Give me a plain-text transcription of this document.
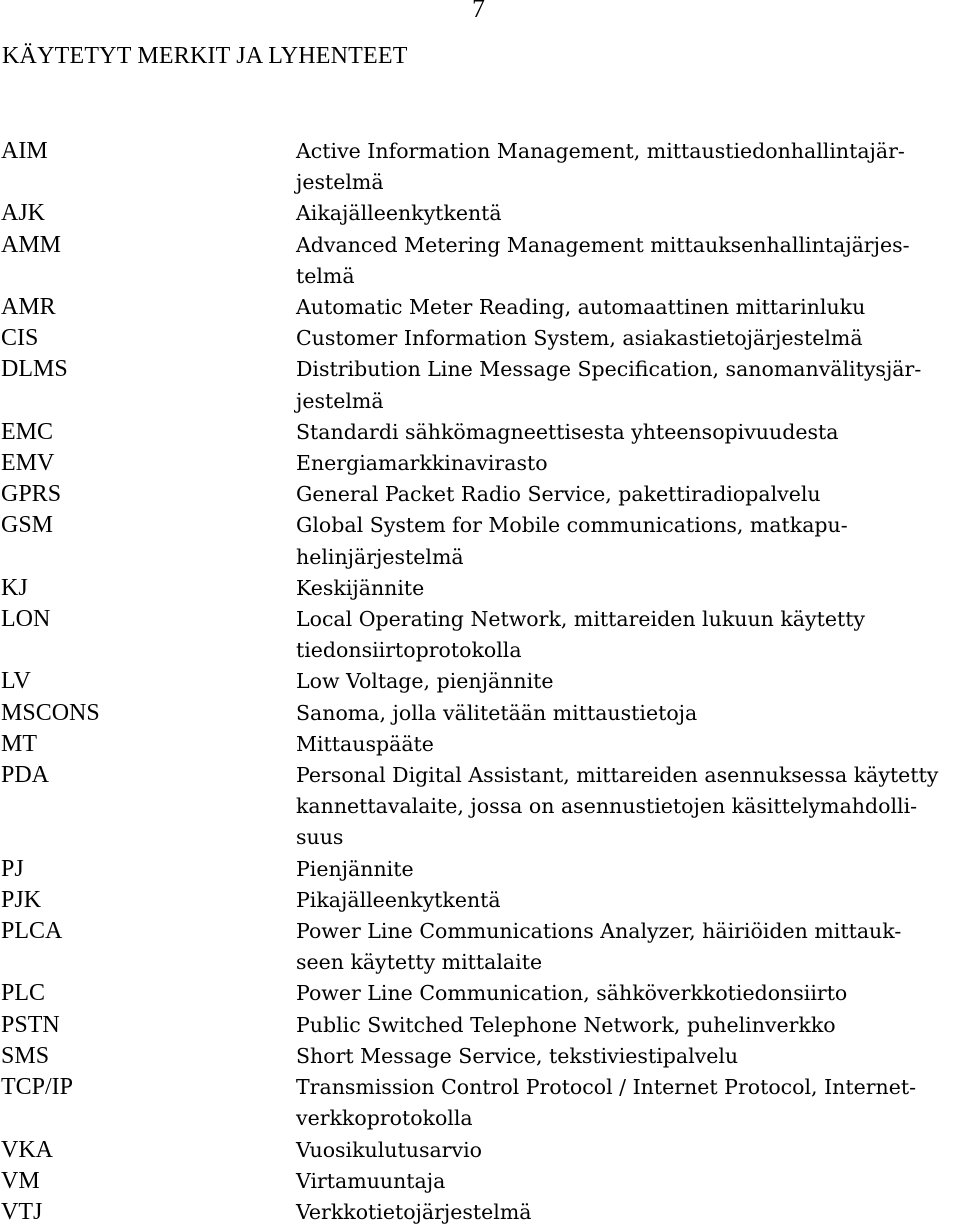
7
KÄYTETYT MERKIT JA LYHENTEET
AIM	Active Information Management, mittaustiedonhallintajär-
jestelmä
AJK	Aikajälleenkytkentä
AMM	Advanced Metering Management mittauksenhallintajärjes-
telmä
AMR	Automatic Meter Reading, automaattinen mittarinluku
CIS	Customer Information System, asiakastietojärjestelmä
DLMS	Distribution Line Message Specification, sanomanvälitysjär-
jestelmä
EMC	Standardi sähkömagneettisesta yhteensopivuudesta
EMV	Energiamarkkinavirasto
GPRS	General Packet Radio Service, pakettiradiopalvelu
GSM	Global System for Mobile communications, matkapu-
helinjärjestelmä
KJ	Keskijännite
LON	Local Operating Network, mittareiden lukuun käytetty
tiedonsiirtoprotokolla
LV	Low Voltage, pienjännite
MSCONS	Sanoma, jolla välitetään mittaustietoja
MT	Mittauspääte
PDA	Personal Digital Assistant, mittareiden asennuksessa käytetty
kannettavalaite, jossa on asennustietojen käsittelymahdolli-
suus
PJ	Pienjännite
PJK	Pikajälleenkytkentä
PLCA	Power Line Communications Analyzer, häiriöiden mittauk-
seen käytetty mittalaite
PLC	Power Line Communication, sähköverkkotiedonsiirto
PSTN	Public Switched Telephone Network, puhelinverkko
SMS	Short Message Service, tekstiviestipalvelu
TCP/IP	Transmission Control Protocol / Internet Protocol, Internet-
verkkoprotokolla
VKA	Vuosikulutusarvio
VM	Virtamuuntaja
VTJ	Verkkotietojärjestelmä
